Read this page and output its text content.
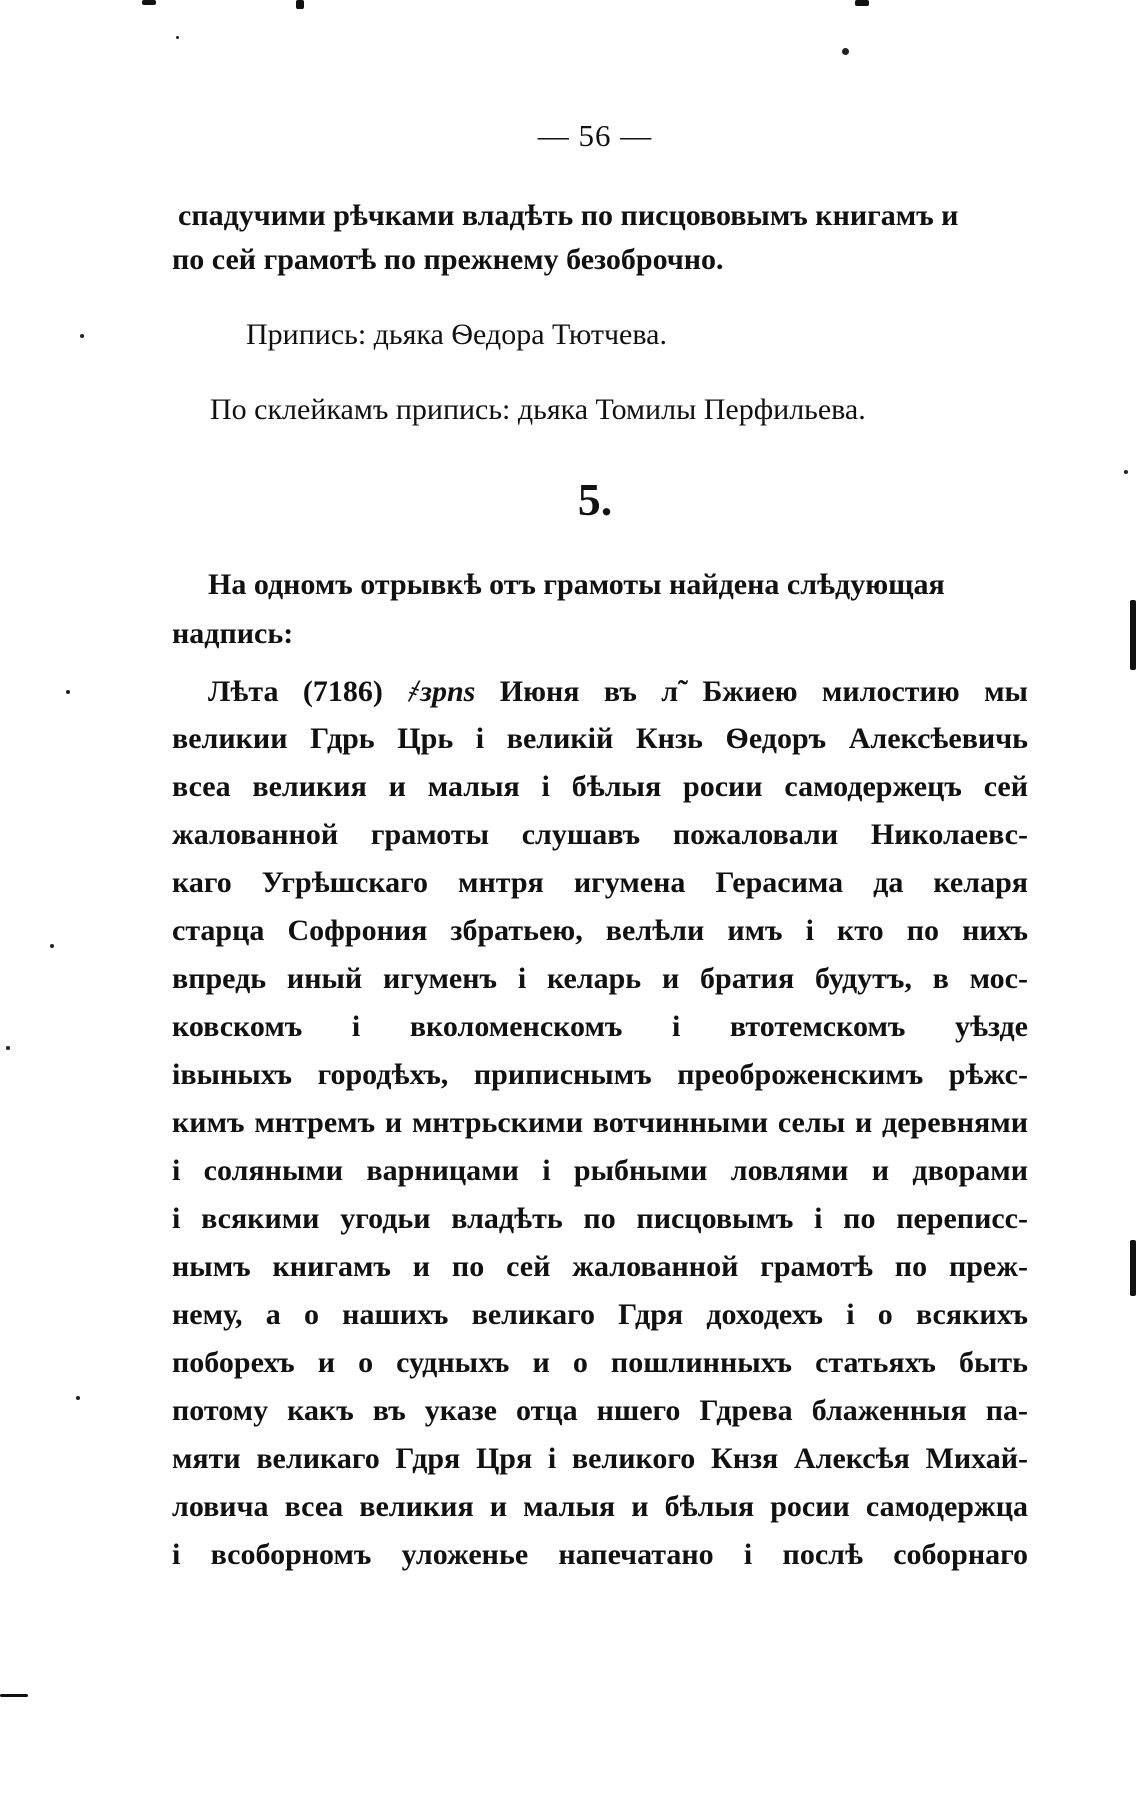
— 56 —
спадучими рѣчками владѣть по писцововымъ книгамъ и
по сей грамотѣ по прежнему безоброчно.
Припись: дьяка Ѳедора Тютчева.
По склейкамъ припись: дьяка Томилы Перфильева.
5.
На одномъ отрывкѣ отъ грамоты найдена слѣдующая
надпись:
Лѣта (7186) ҂зрпѕ Июня въ л̃ Бжиею милостию мы
великии Гдрь Црь і великій Кнзь Ѳедоръ Алексѣевичь
всеа великия и малыя і бѣлыя росии самодержецъ сей
жалованной грамоты слушавъ пожаловали Николаевс-
каго Угрѣшскаго мнтря игумена Герасима да келаря
старца Софрония збратьею, велѣли имъ і кто по нихъ
впредь иный игуменъ і келарь и братия будутъ, в мос-
ковскомъ і вколоменскомъ і втотемскомъ уѣзде
івыныхъ городѣхъ, приписнымъ преоброженскимъ рѣжс-
кимъ мнтремъ и мнтрьскими вотчинными селы и деревнями
і соляными варницами і рыбными ловлями и дворами
і всякими угодьи владѣть по писцовымъ і по переписс-
нымъ книгамъ и по сей жалованной грамотѣ по преж-
нему, а о нашихъ великаго Гдря доходехъ і о всякихъ
поборехъ и о судныхъ и о пошлинныхъ статьяхъ быть
потому какъ въ указе отца ншего Гдрева блаженныя па-
мяти великаго Гдря Цря і великого Кнзя Алексѣя Михай-
ловича всеа великия и малыя и бѣлыя росии самодержца
і всоборномъ уложенье напечатано і послѣ соборнаго
